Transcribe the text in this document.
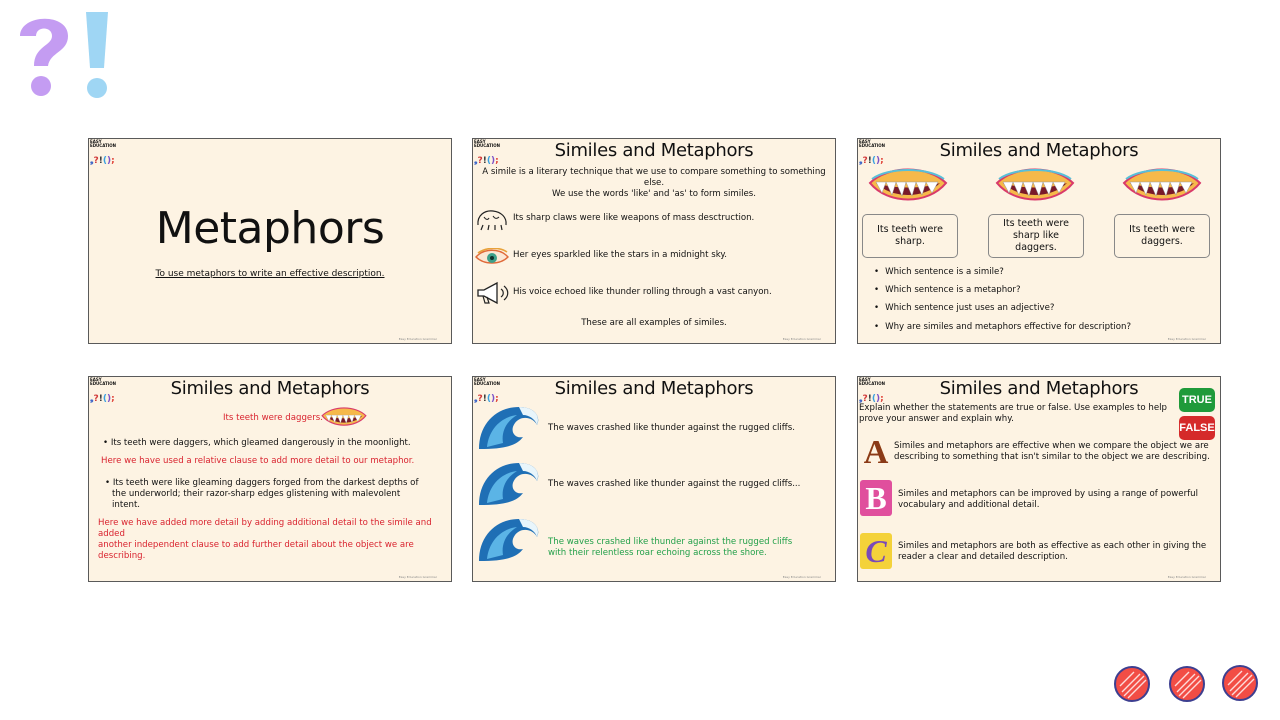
EASY EDUCATION
❟?!();
Metaphors
To use metaphors to write an effective description.
Easy Education Grammar
EASY EDUCATION
❟?!();	Similes and Metaphors
A simile is a literary technique that we use to compare something to something else.
We use the words 'like' and 'as' to form similes.
Its sharp claws were like weapons of mass desctruction.
Her eyes sparkled like the stars in a midnight sky.
His voice echoed like thunder rolling through a vast canyon.
These are all examples of similes.
Easy Education Grammar
EASY EDUCATION
❟?!();	Similes and Metaphors
Its teeth were sharp.
Its teeth were sharp like daggers.
Its teeth were daggers.
• Which sentence is a simile?
• Which sentence is a metaphor?
• Which sentence just uses an adjective?
• Why are similes and metaphors effective for description?
Easy Education Grammar
EASY EDUCATION
❟?!();	Similes and Metaphors
Its teeth were daggers.
• Its teeth were daggers, which gleamed dangerously in the moonlight.
Here we have used a relative clause to add more detail to our metaphor.
• Its teeth were like gleaming daggers forged from the darkest depths of
the underworld; their razor-sharp edges glistening with malevolent
intent.
Here we have added more detail by adding additional detail to the simile and added
another independent clause to add further detail about the object we are
describing.
Easy Education Grammar
EASY EDUCATION
❟?!();	Similes and Metaphors
The waves crashed like thunder against the rugged cliffs.
The waves crashed like thunder against the rugged cliffs...
The waves crashed like thunder against the rugged cliffs
with their relentless roar echoing across the shore.
Easy Education Grammar
EASY EDUCATION
❟?!();	Similes and Metaphors
Explain whether the statements are true or false. Use examples to help
prove your answer and explain why.
TRUE
FALSE
A Similes and metaphors are effective when we compare the object we are
describing to something that isn't similar to the object we are describing.
B	Similes and metaphors can be improved by using a range of powerful
vocabulary and additional detail.
C	Similes and metaphors are both as effective as each other in giving the
reader a clear and detailed description.
Easy Education Grammar
